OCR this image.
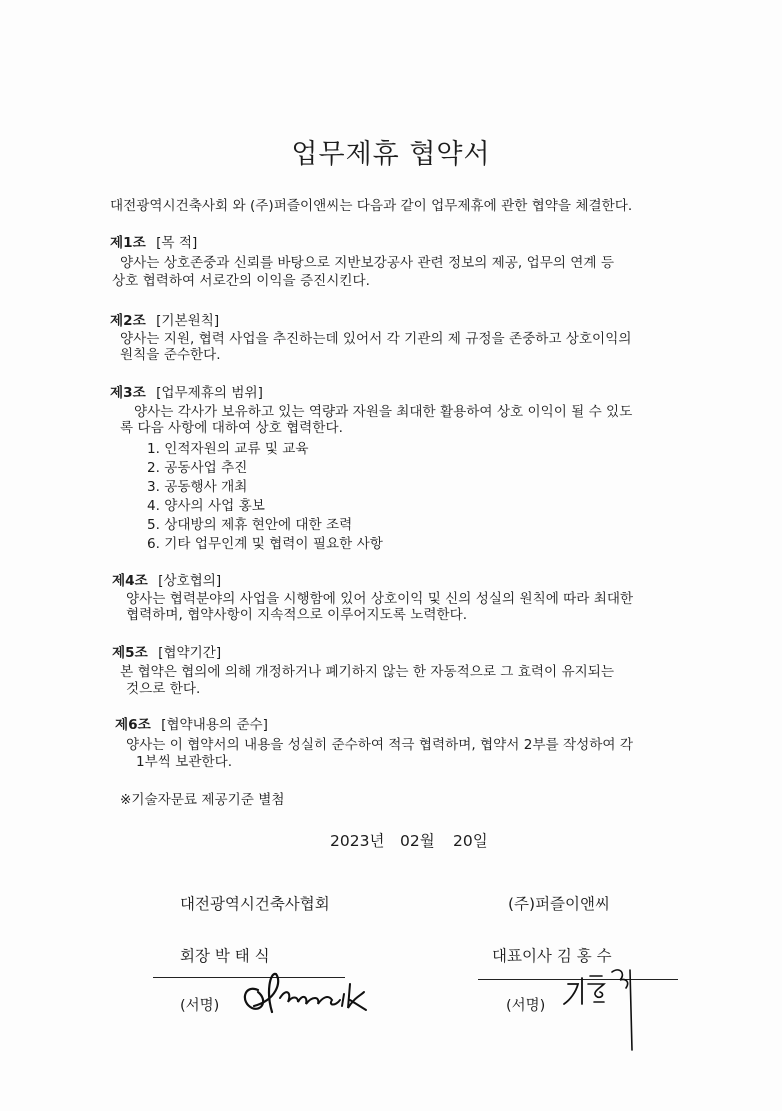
업무제휴 협약서
대전광역시건축사회 와 (주)퍼즐이앤씨는 다음과 같이 업무제휴에 관한 협약을 체결한다.
제1조 [목 적]
양사는 상호존중과 신뢰를 바탕으로 지반보강공사 관련 정보의 제공, 업무의 연계 등
상호 협력하여 서로간의 이익을 증진시킨다.
제2조 [기본원칙]
양사는 지원, 협력 사업을 추진하는데 있어서 각 기관의 제 규정을 존중하고 상호이익의
원칙을 준수한다.
제3조 [업무제휴의 범위]
양사는 각사가 보유하고 있는 역량과 자원을 최대한 활용하여 상호 이익이 될 수 있도
록 다음 사항에 대하여 상호 협력한다.
1. 인적자원의 교류 및 교육
2. 공동사업 추진
3. 공동행사 개최
4. 양사의 사업 홍보
5. 상대방의 제휴 현안에 대한 조력
6. 기타 업무인계 및 협력이 필요한 사항
제4조 [상호협의]
양사는 협력분야의 사업을 시행함에 있어 상호이익 및 신의 성실의 원칙에 따라 최대한
협력하며, 협약사항이 지속적으로 이루어지도록 노력한다.
제5조 [협약기간]
본 협약은 협의에 의해 개정하거나 폐기하지 않는 한 자동적으로 그 효력이 유지되는
것으로 한다.
제6조 [협약내용의 준수]
양사는 이 협약서의 내용을 성실히 준수하여 적극 협력하며, 협약서 2부를 작성하여 각
1부씩 보관한다.
※기술자문료 제공기준 별첨
2023년 02월 20일
대전광역시건축사협회
회장 박 태 식
(서명)
(주)퍼즐이앤씨
대표이사 김 홍 수
(서명)
